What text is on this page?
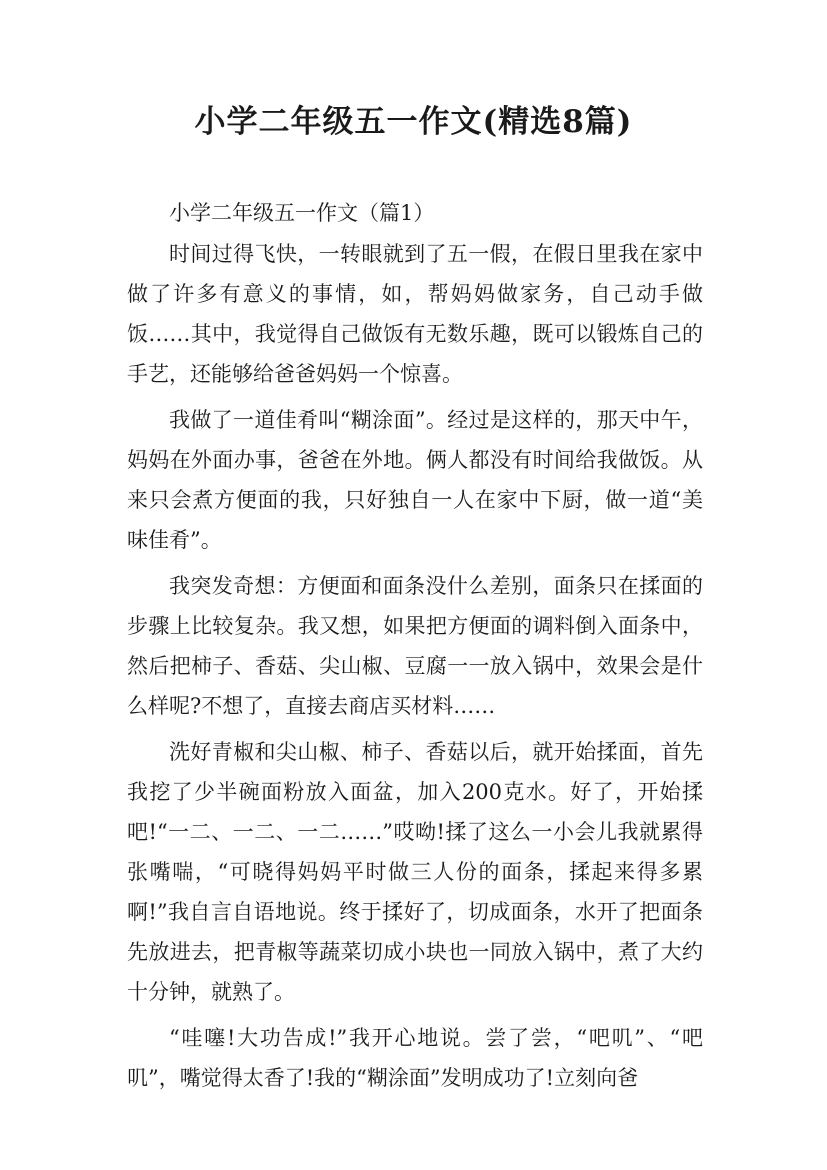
小学二年级五一作文(精选8篇)

小学二年级五一作文（篇1）

时间过得飞快，一转眼就到了五一假，在假日里我在家中做了许多有意义的事情，如，帮妈妈做家务，自己动手做饭……其中，我觉得自己做饭有无数乐趣，既可以锻炼自己的手艺，还能够给爸爸妈妈一个惊喜。

我做了一道佳肴叫“糊涂面”。经过是这样的，那天中午，妈妈在外面办事，爸爸在外地。俩人都没有时间给我做饭。从来只会煮方便面的我，只好独自一人在家中下厨，做一道“美味佳肴”。

我突发奇想：方便面和面条没什么差别，面条只在揉面的步骤上比较复杂。我又想，如果把方便面的调料倒入面条中，然后把柿子、香菇、尖山椒、豆腐一一放入锅中，效果会是什么样呢?不想了，直接去商店买材料……

洗好青椒和尖山椒、柿子、香菇以后，就开始揉面，首先我挖了少半碗面粉放入面盆，加入200克水。好了，开始揉吧!“一二、一二、一二……”哎呦!揉了这么一小会儿我就累得张嘴喘，“可晓得妈妈平时做三人份的面条，揉起来得多累啊!”我自言自语地说。终于揉好了，切成面条，水开了把面条先放进去，把青椒等蔬菜切成小块也一同放入锅中，煮了大约十分钟，就熟了。

“哇噻!大功告成!”我开心地说。尝了尝，“吧叽”、“吧叽”，嘴觉得太香了!我的“糊涂面”发明成功了!立刻向爸
